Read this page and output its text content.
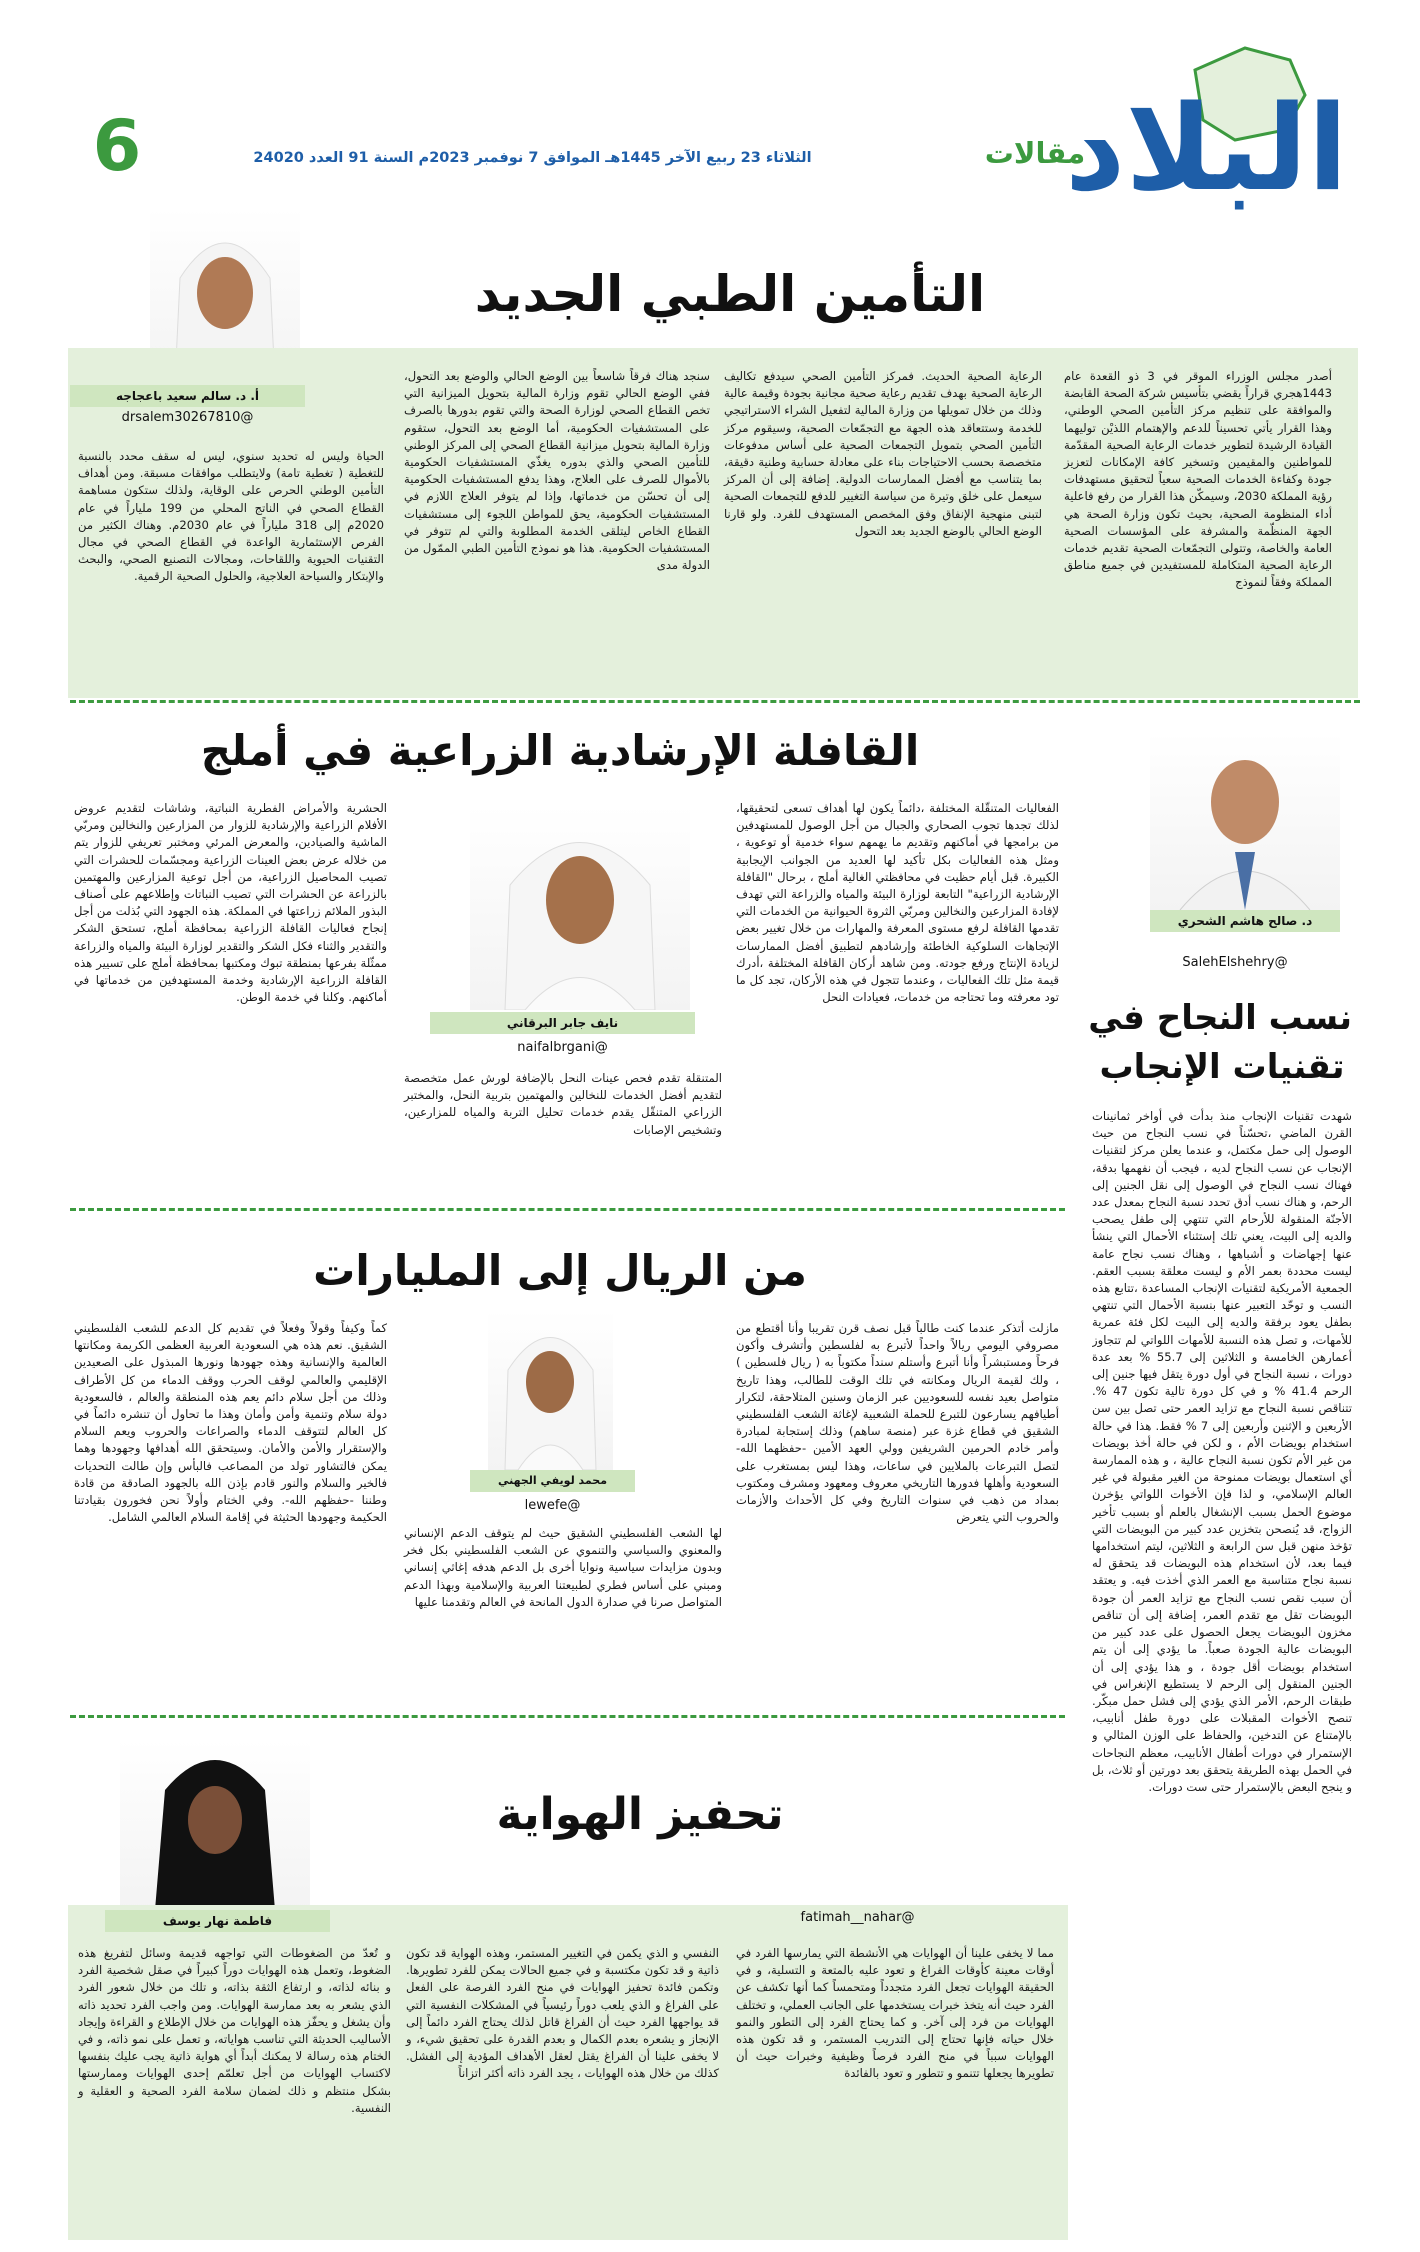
البلاد
مقالات
الثلاثاء 23 ربيع الآخر 1445هـ الموافق 7 نوفمبر 2023م السنة 91 العدد 24020
6
التأمين الطبي الجديد
أ. د. سالم سعيد باعجاجه
@drsalem30267810
أصدر مجلس الوزراء الموقر في 3 ذو القعدة عام 1443هجري قراراً يقضي بتأسيس شركة الصحة القابضة والموافقة على تنظيم مركز التأمين الصحي الوطني، وهذا القرار يأتي تحسيناً للدعم والإهتمام اللذيْن توليهما القيادة الرشيدة لتطوير خدمات الرعاية الصحية المقدّمة للمواطنين والمقيمين وتسخير كافة الإمكانات لتعزيز جودة وكفاءة الخدمات الصحية سعياً لتحقيق مستهدفات رؤية المملكة 2030، وسيمكّن هذا القرار من رفع فاعلية أداء المنظومة الصحية، بحيث تكون وزارة الصحة هي الجهة المنظّمة والمشرفة على المؤسسات الصحية العامة والخاصة، وتتولى التجمّعات الصحية تقديم خدمات الرعاية الصحية المتكاملة للمستفيدين في جميع مناطق المملكة وفقاً لنموذج
الرعاية الصحية الحديث. فمركز التأمين الصحي سيدفع تكاليف الرعاية الصحية بهدف تقديم رعاية صحية مجانية بجودة وقيمة عالية وذلك من خلال تمويلها من وزارة المالية لتفعيل الشراء الاستراتيجي للخدمة وستتعاقد هذه الجهة مع التجمّعات الصحية، وسيقوم مركز التأمين الصحي بتمويل التجمعات الصحية على أساس مدفوعات متخصصة بحسب الاحتياجات بناء على معادلة حسابية وطنية دقيقة، بما يتناسب مع أفضل الممارسات الدولية. إضافة إلى أن المركز سيعمل على خلق وتيرة من سياسة التغيير للدفع للتجمعات الصحية لتبنى منهجية الإنفاق وفق المخصص المستهدف للفرد. ولو قارنا الوضع الحالي بالوضع الجديد بعد التحول
سنجد هناك فرقاً شاسعاً بين الوضع الحالي والوضع بعد التحول، ففي الوضع الحالي تقوم وزارة المالية بتحويل الميزانية التي تخص القطاع الصحي لوزارة الصحة والتي تقوم بدورها بالصرف على المستشفيات الحكومية، أما الوضع بعد التحول، ستقوم وزارة المالية بتحويل ميزانية القطاع الصحي إلى المركز الوطني للتأمين الصحي والذي بدوره يغذّي المستشفيات الحكومية بالأموال للصرف على العلاج، وهذا يدفع المستشفيات الحكومية إلى أن تحسّن من خدماتها، وإذا لم يتوفر العلاج اللازم في المستشفيات الحكومية، يحق للمواطن اللجوء إلى مستشفيات القطاع الخاص ليتلقى الخدمة المطلوبة والتي لم تتوفر في المستشفيات الحكومية. هذا هو نموذج التأمين الطبي الممّول من الدولة مدى
الحياة وليس له تحديد سنوي، ليس له سقف محدد بالنسبة للتغطية ( تغطية تامة) ولايتطلب موافقات مسبقة. ومن أهداف التأمين الوطني الحرص على الوقاية، ولذلك ستكون مساهمة القطاع الصحي في الناتج المحلي من 199 ملياراً في عام 2020م إلى 318 ملياراً في عام 2030م. وهناك الكثير من الفرص الإستثمارية الواعدة في القطاع الصحي في مجال التقنيات الحيوية واللقاحات، ومجالات التصنيع الصحي، والبحث والإبتكار والسياحة العلاجية، والحلول الصحية الرقمية.
د. صالح هاشم الشحري
@SalehElshehry
نسب النجاح في
تقنيات الإنجاب
شهدت تقنيات الإنجاب منذ بدأت في أواخر ثمانينات القرن الماضي ،تحسّناً في نسب النجاح من حيث الوصول إلى حمل مكتمل، و عندما يعلن مركز لتقنيات الإنجاب عن نسب النجاح لديه ، فيجب أن نفهمها بدقة، فهناك نسب النجاح في الوصول إلى نقل الجنين إلى الرحم، و هناك نسب أدق تحدد نسبة النجاح بمعدل عدد الأجنّة المنقولة للأرحام التي تنتهي إلى طفل يصحب والديه إلى البيت، يعني تلك إستثناء الأحمال التي ينشأ عنها إجهاضات و أشباهها ، وهناك نسب نجاح عامة ليست محددة بعمر الأم و ليست معلقة بسبب العقم. الجمعية الأمريكية لتقنيات الإنجاب المساعدة ،تتابع هذه النسب و توحّد التعبير عنها بنسبة الأحمال التي تنتهي بطفل يعود برفقة والديه إلى البيت لكل فئة عمرية للأمهات، و تصل هذه النسبة للأمهات اللواتي لم تتجاوز أعمارهن الخامسة و الثلاثين إلى 55.7 % بعد عدة دورات ، نسبة النجاح في أول دورة يتقل فيها جنين إلى الرحم 41.4 % و في كل دورة تالية تكون 47 %. تتناقص نسبة النجاح مع تزايد العمر حتى تصل بين سن الأربعين و الإثنين وأربعين إلى 7 % فقط. هذا في حالة استخدام بويضات الأم ، و لكن في حالة أخذ بويضات من غير الأم تكون نسبة النجاح عالية ، و هذه الممارسة أي استعمال بويضات ممنوحة من الغير مقبولة في غير العالم الإسلامي، و لذا فإن الأخوات اللواتي يؤخرن موضوع الحمل بسبب الإنشغال بالعلم أو بسبب تأخير الزواج، قد يُنصحن بتخزين عدد كبير من البويضات التي تؤخذ منهن قبل سن الرابعة و الثلاثين، ليتم استخدامها فيما بعد، لأن استخدام هذه البويضات قد يتحقق له نسبة نجاح متناسبة مع العمر الذي أخذت فيه. و يعتقد أن سبب نقص نسب النجاح مع تزايد العمر أن جودة البويضات تقل مع تقدم العمر، إضافة إلى أن تناقص مخزون البويضات يجعل الحصول على عدد كبير من البويضات عالية الجودة صعباً. ما يؤدي إلى أن يتم استخدام بويضات أقل جودة ، و هذا يؤدي إلى أن الجنين المنقول إلى الرحم لا يستطيع الإنغراس في طبقات الرحم، الأمر الذي يؤدي إلى فشل حمل مبكّر. تنصح الأخوات المقبلات على دورة طفل أنابيب، بالإمتناع عن التدخين، والحفاظ على الوزن المثالي و الإستمرار في دورات أطفال الأنابيب، معظم النجاحات في الحمل بهذه الطريقة يتحقق بعد دورتين أو ثلاث، بل و ينجح البعض بالإستمرار حتى ست دورات.
القافلة الإرشادية الزراعية في أملج
نايف جابر البرقاني
@naifalbrgani
الفعاليات المتنقّلة المختلفة ،دائماً يكون لها أهداف تسعى لتحقيقها، لذلك تجدها تجوب الصحاري والجبال من أجل الوصول للمستهدفين من برامجها في أماكنهم وتقديم ما يهمهم سواء خدمية أو توعوية ، ومثل هذه الفعاليات بكل تأكيد لها العديد من الجوانب الإيجابية الكبيرة. قبل أيام حظيت في محافظتي الغالية أملج ، برحال "القافلة الإرشادية الزراعية" التابعة لوزارة البيئة والمياه والزراعة التي تهدف لإفادة المزارعين والنخالين ومربّي الثروة الحيوانية من الخدمات التي تقدمها القافلة لرفع مستوى المعرفة والمهارات من خلال تغيير بعض الإتجاهات السلوكية الخاطئة وإرشادهم لتطبيق أفضل الممارسات لزيادة الإنتاج ورفع جودته. ومن شاهد أركان القافلة المختلفة ،أدرك قيمة مثل تلك الفعاليات ، وعندما تتجول في هذه الأركان، تجد كل ما تود معرفته وما تحتاجه من خدمات، فعيادات النحل
المتنقلة تقدم فحص عينات النحل بالإضافة لورش عمل متخصصة لتقديم أفضل الخدمات للنخالين والمهتمين بتربية النحل، والمختبر الزراعي المتنقّل يقدم خدمات تحليل التربة والمياه للمزارعين، وتشخيص الإصابات
الحشرية والأمراض الفطرية النباتية، وشاشات لتقديم عروض الأفلام الزراعية والإرشادية للزوار من المزارعين والنخالين ومربّي الماشية والصيادين، والمعرض المرئي ومختبر تعريفي للزوار يتم من خلاله عرض بعض العينات الزراعية ومجسّمات للحشرات التي تصيب المحاصيل الزراعية، من أجل توعية المزارعين والمهتمين بالزراعة عن الحشرات التي تصيب النباتات وإطلاعهم على أصناف البذور الملائم زراعتها في المملكة. هذه الجهود التي بُذلت من أجل إنجاح فعاليات القافلة الزراعية بمحافظة أملج، تستحق الشكر والتقدير والثناء فكل الشكر والتقدير لوزارة البيئة والمياه والزراعة ممثّلة بفرعها بمنطقة تبوك ومكتبها بمحافظة أملج على تسيير هذه القافلة الزراعية الإرشادية وخدمة المستهدفين من خدماتها في أماكنهم. وكلنا في خدمة الوطن.
من الريال إلى المليارات
محمد لويفي الجهني
@lewefe
مازلت أتذكر عندما كنت طالباً قبل نصف قرن تقريبا وأنا أقتطع من مصروفي اليومي ريالاً واحداً لأتبرع به لفلسطين وأتشرف وأكون فرحاً ومستبشراً وأنا أتبرع وأستلم سنداً مكتوباً به ( ريال فلسطين ) ، ولك لقيمة الريال ومكانته في تلك الوقت للطالب، وهذا تاريخ متواصل بعيد نفسه للسعوديين عبر الزمان وسنين المتلاحقة، لتكرار أطيافهم يسارعون للتبرع للحملة الشعبية لإغاثة الشعب الفلسطيني الشقيق في قطاع غزة عبر (منصة ساهم) وذلك إستجابة لمبادرة وأمر خادم الحرمين الشريفين وولي العهد الأمين -حفظهما الله- لتصل التبرعات بالملايين في ساعات، وهذا ليس بمستغرب على السعودية وأهلها فدورها التاريخي معروف ومعهود ومشرف ومكتوب بمداد من ذهب في سنوات التاريخ وفي كل الأحداث والأزمات والحروب التي يتعرض
لها الشعب الفلسطيني الشقيق حيث لم يتوقف الدعم الإنساني والمعنوي والسياسي والتنموي عن الشعب الفلسطيني بكل فخر وبدون مزايدات سياسية ونوايا أخرى بل الدعم هدفه إغاثي إنساني ومبني على أساس فطري لطبيعتنا العربية والإسلامية وبهذا الدعم المتواصل صرنا في صدارة الدول المانحة في العالم وتقدمنا عليها
كماً وكيفاً وقولاً وفعلاً في تقديم كل الدعم للشعب الفلسطيني الشقيق. نعم هذه هي السعودية العربية العظمى الكريمة ومكانتها العالمية والإنسانية وهذه جهودها ونورها المبذول على الصعيدين الإقليمي والعالمي لوقف الحرب ووقف الدماء من كل الأطراف وذلك من أجل سلام دائم يعم هذه المنطقة والعالم ، فالسعودية دولة سلام وتنمية وأمن وأمان وهذا ما تحاول أن تنشره دائماً في كل العالم لتتوقف الدماء والصراعات والحروب ويعم السلام والإستقرار والأمن والأمان. وسيتحقق الله أهدافها وجهودها وهما يمكن فالتشاور تولد من المصاعب فالبأس وإن طالت التحديات فالخير والسلام والنور قادم بإذن الله بالجهود الصادقة من قادة وطننا -حفظهم الله-. وفي الختام وأولاً نحن فخورون بقيادتنا الحكيمة وجهودها الحثيثة في إقامة السلام العالمي الشامل.
تحفيز الهواية
فاطمة نهار يوسف	@fatimah__nahar
مما لا يخفى علينا أن الهوايات هي الأنشطة التي يمارسها الفرد في أوقات معينة كأوقات الفراغ و تعود عليه بالمتعة و التسلية، و في الحقيقة الهوايات تجعل الفرد متجدداً ومتحمساً كما أنها تكشف عن الفرد حيث أنه يتخذ خبرات يستخدمها على الجانب العملي، و تختلف الهوايات من فرد إلى آخر. و كما يحتاج الفرد إلى التطور والنمو خلال حياته فإنها تحتاج إلى التدريب المستمر، و قد تكون هذه الهوايات سبباً في منح الفرد فرصاً وظيفية وخبرات حيث أن تطويرها يجعلها تتنمو و تتطور و تعود بالفائدة
النفسي و الذي يكمن في التغيير المستمر، وهذه الهواية قد تكون ذاتية و قد تكون مكتسبة و في جميع الحالات يمكن للفرد تطويرها. وتكمن فائدة تحفيز الهوايات في منح الفرد الفرصة على الفعل على الفراغ و الذي يلعب دوراً رئيسياً في المشكلات النفسية التي قد يواجهها الفرد حيث أن الفراغ قاتل لذلك يحتاج الفرد دائماً إلى الإنجاز و يشعره بعدم الكمال و بعدم القدرة على تحقيق شيء، و لا يخفى علينا أن الفراغ يقتل لعقل الأهداف المؤدية إلى الفشل. كذلك من خلال هذه الهوايات ، يجد الفرد ذاته أكثر اتزاناً
و تُعدّ من الضغوطات التي تواجهه قديمة وسائل لتفريغ هذه الضغوط، وتعمل هذه الهوايات دوراً كبيراً في صقل شخصية الفرد و بنائه لذاته، و ارتفاع الثقة بذاته، و تلك من خلال شعور الفرد الذي يشعر به بعد ممارسة الهوايات. ومن واجب الفرد تحديد ذاته وأن يشغل و يحفّز هذه الهوايات من خلال الإطلاع و القراءة وإيجاد الأساليب الحديثة التي تناسب هواياته، و تعمل على نمو ذاته، و في الختام هذه رسالة لا يمكنك أبداً أي هواية ذاتية يجب عليك بنفسها لاكتساب الهوايات من أجل تعلمّم إحدى الهوايات وممارستها بشكل منتظم و ذلك لضمان سلامة الفرد الصحية و العقلية و النفسية.
